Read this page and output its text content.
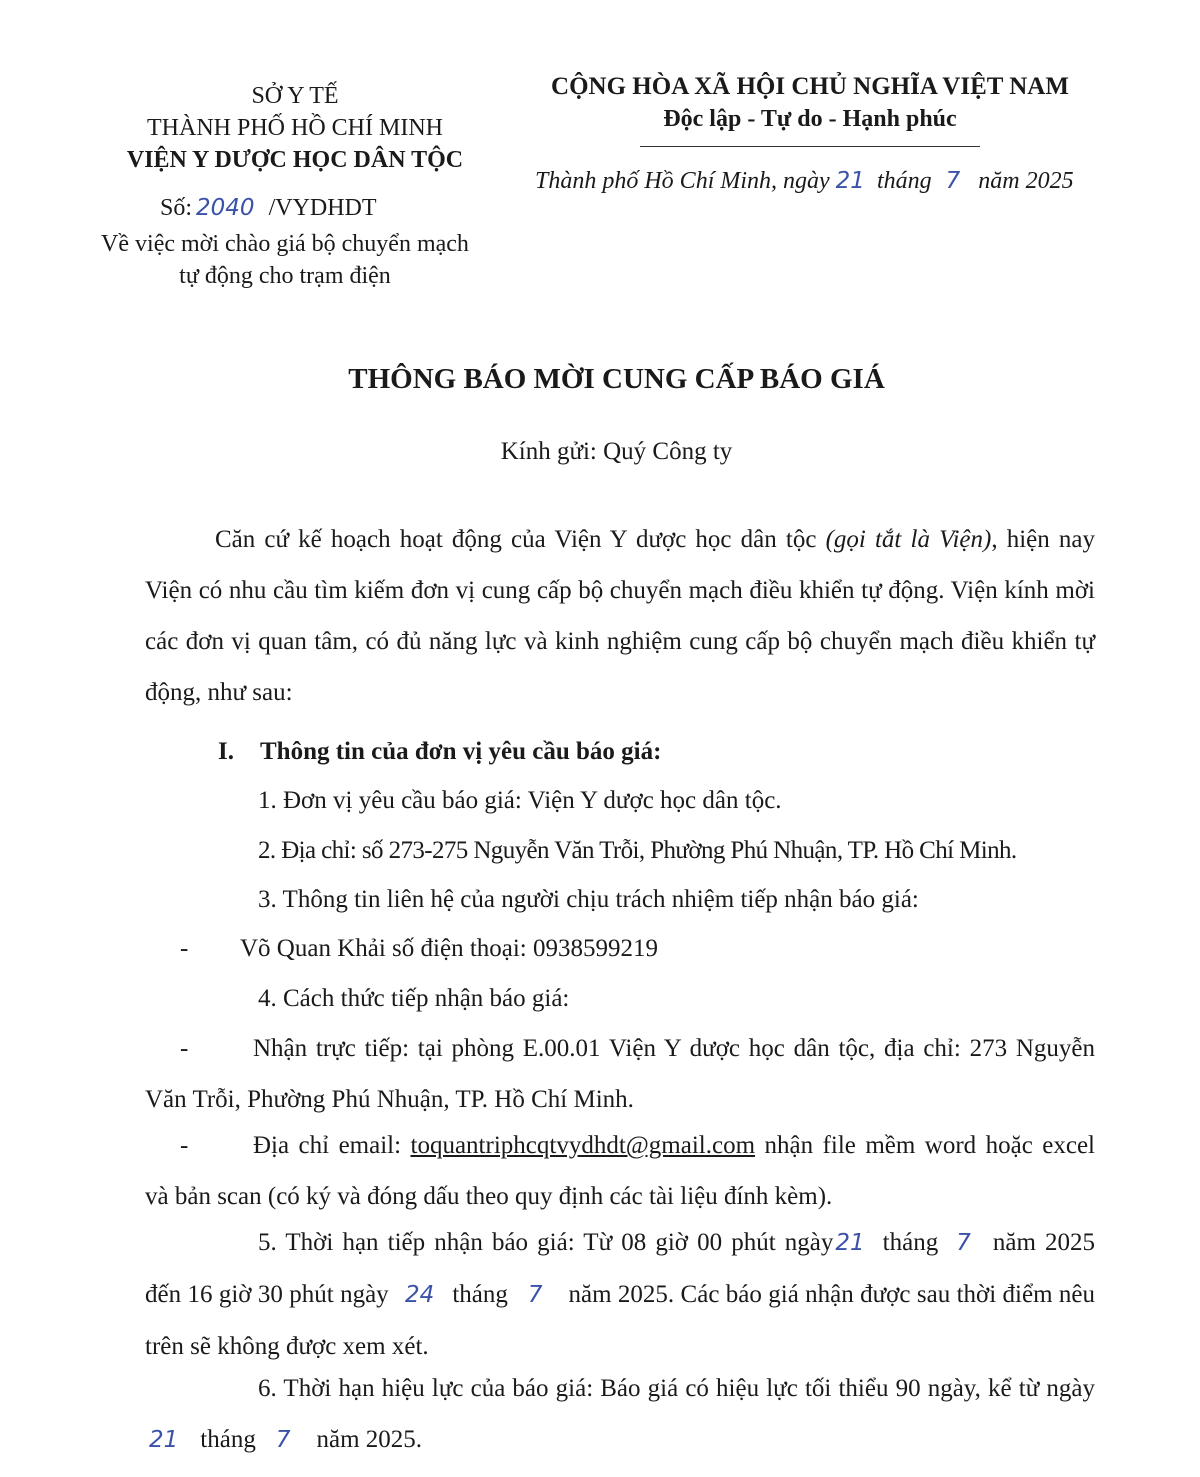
SỞ Y TẾ
THÀNH PHỐ HỒ CHÍ MINH
VIỆN Y DƯỢC HỌC DÂN TỘC
CỘNG HÒA XÃ HỘI CHỦ NGHĨA VIỆT NAM
Độc lập - Tự do - Hạnh phúc
Thành phố Hồ Chí Minh, ngày 21 tháng 7 năm 2025
Số: 2040 /VYDHDT
Về việc mời chào giá bộ chuyển mạch
tự động cho trạm điện
THÔNG BÁO MỜI CUNG CẤP BÁO GIÁ
Kính gửi: Quý Công ty
Căn cứ kế hoạch hoạt động của Viện Y dược học dân tộc (gọi tắt là Viện), hiện nay Viện có nhu cầu tìm kiếm đơn vị cung cấp bộ chuyển mạch điều khiển tự động. Viện kính mời các đơn vị quan tâm, có đủ năng lực và kinh nghiệm cung cấp bộ chuyển mạch điều khiển tự động, như sau:
I. Thông tin của đơn vị yêu cầu báo giá:
1. Đơn vị yêu cầu báo giá: Viện Y dược học dân tộc.
2. Địa chỉ: số 273-275 Nguyễn Văn Trỗi, Phường Phú Nhuận, TP. Hồ Chí Minh.
3. Thông tin liên hệ của người chịu trách nhiệm tiếp nhận báo giá:
- Võ Quan Khải số điện thoại: 0938599219
4. Cách thức tiếp nhận báo giá:
-	Nhận trực tiếp: tại phòng E.00.01 Viện Y dược học dân tộc, địa chỉ: 273 Nguyễn Văn Trỗi, Phường Phú Nhuận, TP. Hồ Chí Minh.
-	Địa chỉ email: toquantriphcqtvydhdt@gmail.com nhận file mềm word hoặc excel và bản scan (có ký và đóng dấu theo quy định các tài liệu đính kèm).
5. Thời hạn tiếp nhận báo giá: Từ 08 giờ 00 phút ngày21 tháng 7 năm 2025 đến 16 giờ 30 phút ngày 24 tháng 7 năm 2025. Các báo giá nhận được sau thời điểm nêu trên sẽ không được xem xét.
6. Thời hạn hiệu lực của báo giá: Báo giá có hiệu lực tối thiểu 90 ngày, kể từ ngày 21 tháng 7 năm 2025.
